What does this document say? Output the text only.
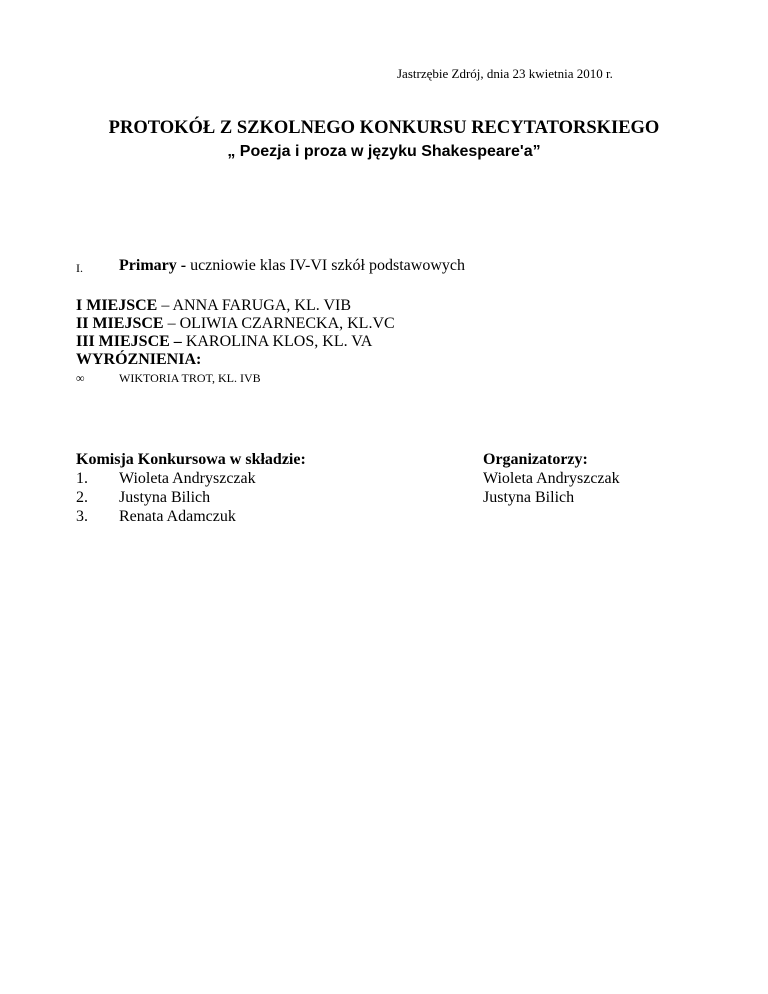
Jastrzębie Zdrój, dnia 23 kwietnia 2010 r.
PROTOKÓŁ Z SZKOLNEGO KONKURSU RECYTATORSKIEGO
„ Poezja i proza w języku Shakespeare'a”
I. Primary - uczniowie klas IV-VI szkół podstawowych
I MIEJSCE – ANNA FARUGA, KL. VIB
II MIEJSCE – OLIWIA CZARNECKA, KL.VC
III MIEJSCE – KAROLINA KLOS, KL. VA
WYRÓZNIENIA:
∞	WIKTORIA TROT, KL. IVB
Komisja Konkursowa w składzie:
1. Wioleta Andryszczak
2. Justyna Bilich
3. Renata Adamczuk
Organizatorzy:
Wioleta Andryszczak
Justyna Bilich
